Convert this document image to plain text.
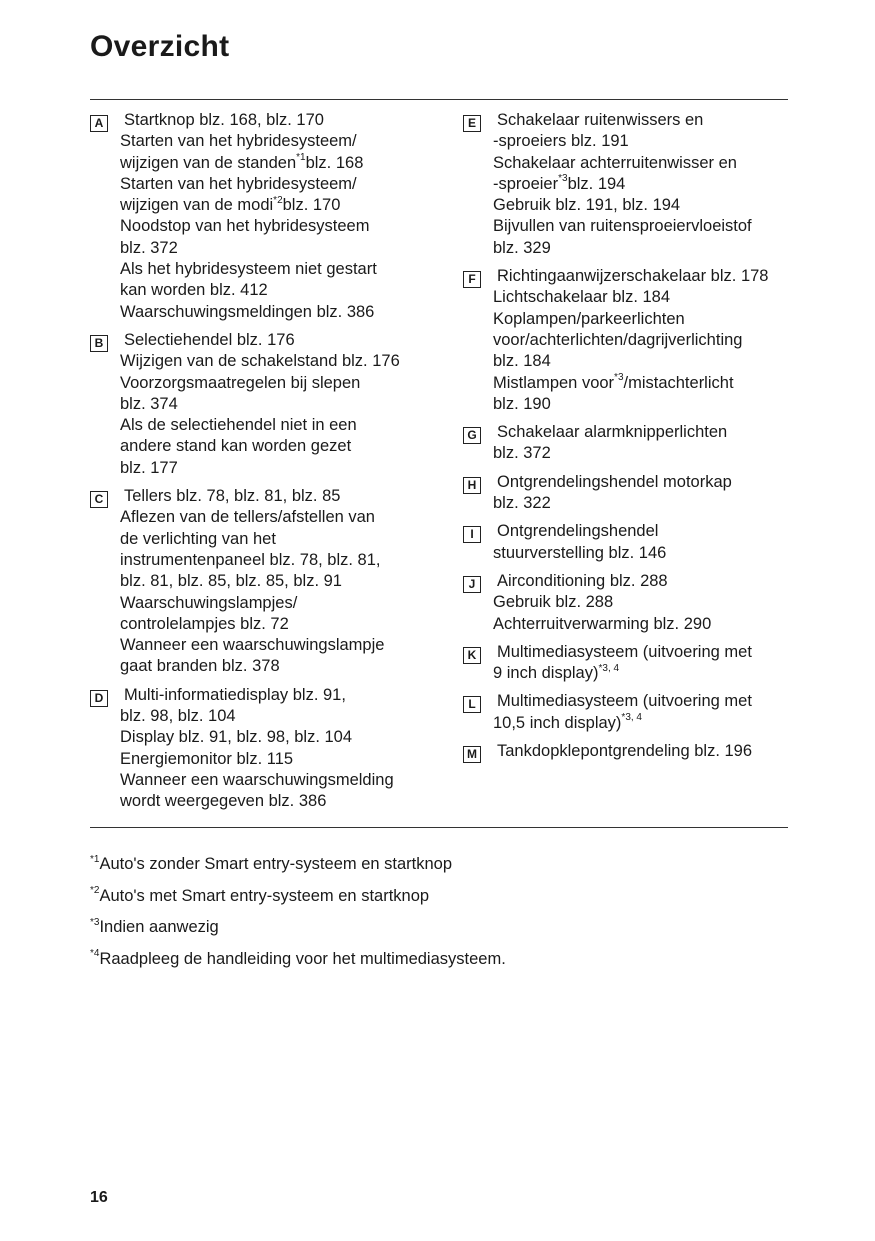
Overzicht
A Startknop blz. 168, blz. 170
Starten van het hybridesysteem/
wijzigen van de standen$^{*1}$blz. 168
Starten van het hybridesysteem/
wijzigen van de modi$^{*2}$blz. 170
Noodstop van het hybridesysteem
blz. 372
Als het hybridesysteem niet gestart
kan worden blz. 412
Waarschuwingsmeldingen blz. 386
B Selectiehendel blz. 176
Wijzigen van de schakelstand blz. 176
Voorzorgsmaatregelen bij slepen
blz. 374
Als de selectiehendel niet in een
andere stand kan worden gezet
blz. 177
C Tellers blz. 78, blz. 81, blz. 85
Aflezen van de tellers/afstellen van
de verlichting van het
instrumentenpaneel blz. 78, blz. 81,
blz. 81, blz. 85, blz. 85, blz. 91
Waarschuwingslampjes/
controlelampjes blz. 72
Wanneer een waarschuwingslampje
gaat branden blz. 378
D Multi-informatiedisplay blz. 91,
blz. 98, blz. 104
Display blz. 91, blz. 98, blz. 104
Energiemonitor blz. 115
Wanneer een waarschuwingsmelding
wordt weergegeven blz. 386
E	Schakelaar ruitenwissers en
-sproeiers blz. 191
Schakelaar achterruitenwisser en
-sproeier$^{*3}$blz. 194
Gebruik blz. 191, blz. 194
Bijvullen van ruitensproeiervloeistof
blz. 329
F	Richtingaanwijzerschakelaar blz. 178
Lichtschakelaar blz. 184
Koplampen/parkeerlichten
voor/achterlichten/dagrijverlichting
blz. 184
Mistlampen voor$^{*3}$/mistachterlicht
blz. 190
G Schakelaar alarmknipperlichten
blz. 372
H Ontgrendelingshendel motorkap
blz. 322
I	Ontgrendelingshendel
stuurverstelling blz. 146
J	Airconditioning blz. 288
Gebruik blz. 288
Achterruitverwarming blz. 290
K Multimediasysteem (uitvoering met
9 inch display)$^{*3, 4}$
L	Multimediasysteem (uitvoering met
10,5 inch display)$^{*3, 4}$
M Tankdopklepontgrendeling blz. 196
$^{*1}$Auto's zonder Smart entry-systeem en startknop
$^{*2}$Auto's met Smart entry-systeem en startknop
$^{*3}$Indien aanwezig
$^{*4}$Raadpleeg de handleiding voor het multimediasysteem.
16
